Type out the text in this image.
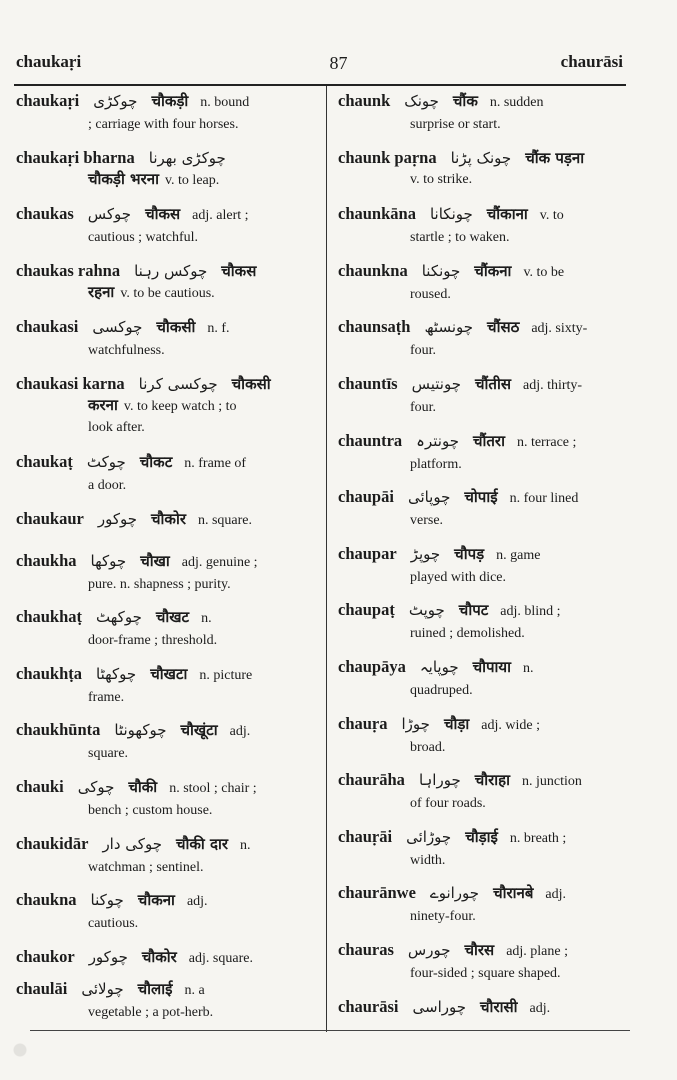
chaukaṛi	87	chaurāsi
chaukaṛi چوکڑی चौकड़ी n. bound
; carriage with four horses.
chaukaṛi bharna چوکڑی بھرنا
चौकड़ी भरना v. to leap.
chaukas چوکس चौकस adj. alert ;
cautious ; watchful.
chaukas rahna چوکس رہنا चौकस
रहना v. to be cautious.
chaukasi چوکسی चौकसी n. f.
watchfulness.
chaukasi karna چوکسی کرنا चौकसी
करना v. to keep watch ; to
look after.
chaukaṭ چوکٹ चौकट n. frame of
a door.
chaukaur چوکور चौकोर n. square.
chaukha چوکھا चौखा adj. genuine ;
pure. n. shapness ; purity.
chaukhaṭ چوکھٹ चौखट n.
door-frame ; threshold.
chaukhṭa چوکھٹا चौखटा n. picture
frame.
chaukhūnta چوکھونٹا चौखूंटा adj.
square.
chauki چوکی चौकी n. stool ; chair ;
bench ; custom house.
chaukidār چوکی دار चौकी दार n.
watchman ; sentinel.
chaukna چوکنا चौकना adj.
cautious.
chaukor چوکور चौकोर adj. square.
chaulāi چولائی चौलाई n. a
vegetable ; a pot-herb.
chaunk چونک चौंक n. sudden
surprise or start.
chaunk paṛna چونک پڑنا चौंक पड़ना
v. to strike.
chaunkāna چونکانا चौंकाना v. to
startle ; to waken.
chaunkna چونکنا चौंकना v. to be
roused.
chaunsaṭh چونسٹھ चौंसठ adj. sixty-
four.
chauntīs چونتیس चौंतीस adj. thirty-
four.
chauntra چونترہ चौंतरा n. terrace ;
platform.
chaupāi چوپائی चोपाई n. four lined
verse.
chaupar چوپڑ चौपड़ n. game
played with dice.
chaupaṭ چوپٹ चौपट adj. blind ;
ruined ; demolished.
chaupāya چوپایہ चौपाया n.
quadruped.
chauṛa چوڑا चौड़ा adj. wide ;
broad.
chaurāha چوراہا चौराहा n. junction
of four roads.
chauṛāi چوڑائی चौड़ाई n. breath ;
width.
chaurānwe چورانوے चौरानबे adj.
ninety-four.
chauras چورس चौरस adj. plane ;
four-sided ; square shaped.
chaurāsi چوراسی चौरासी adj.
